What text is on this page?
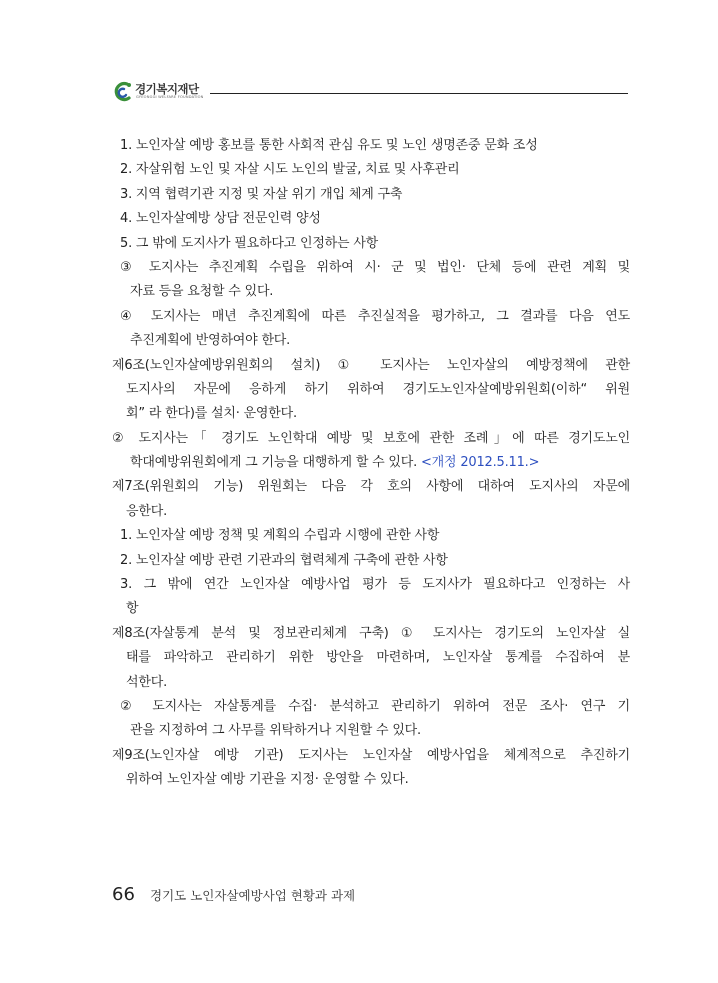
경기복지재단
GYEONGGI WELFARE FOUNDATION
1. 노인자살 예방 홍보를 통한 사회적 관심 유도 및 노인 생명존중 문화 조성
2. 자살위험 노인 및 자살 시도 노인의 발굴, 치료 및 사후관리
3. 지역 협력기관 지정 및 자살 위기 개입 체계 구축
4. 노인자살예방 상담 전문인력 양성
5. 그 밖에 도지사가 필요하다고 인정하는 사항
③ 도지사는 추진계획 수립을 위하여 시· 군 및 법인· 단체 등에 관련 계획 및
자료 등을 요청할 수 있다.
④ 도지사는 매년 추진계획에 따른 추진실적을 평가하고, 그 결과를 다음 연도
추진계획에 반영하여야 한다.
제6조(노인자살예방위원회의 설치) ① 도지사는 노인자살의 예방정책에 관한
도지사의 자문에 응하게 하기 위하여 경기도노인자살예방위원회(이하“ 위원
회” 라 한다)를 설치· 운영한다.
② 도지사는「 경기도 노인학대 예방 및 보호에 관한 조례」에 따른 경기도노인
학대예방위원회에게 그 기능을 대행하게 할 수 있다. <개정 2012.5.11.>
제7조(위원회의 기능) 위원회는 다음 각 호의 사항에 대하여 도지사의 자문에
응한다.
1. 노인자살 예방 정책 및 계획의 수립과 시행에 관한 사항
2. 노인자살 예방 관련 기관과의 협력체계 구축에 관한 사항
3. 그 밖에 연간 노인자살 예방사업 평가 등 도지사가 필요하다고 인정하는 사
항
제8조(자살통계 분석 및 정보관리체계 구축) ① 도지사는 경기도의 노인자살 실
태를 파악하고 관리하기 위한 방안을 마련하며, 노인자살 통계를 수집하여 분
석한다.
② 도지사는 자살통계를 수집· 분석하고 관리하기 위하여 전문 조사· 연구 기
관을 지정하여 그 사무를 위탁하거나 지원할 수 있다.
제9조(노인자살 예방 기관) 도지사는 노인자살 예방사업을 체계적으로 추진하기
위하여 노인자살 예방 기관을 지정· 운영할 수 있다.
66 경기도 노인자살예방사업 현황과 과제
